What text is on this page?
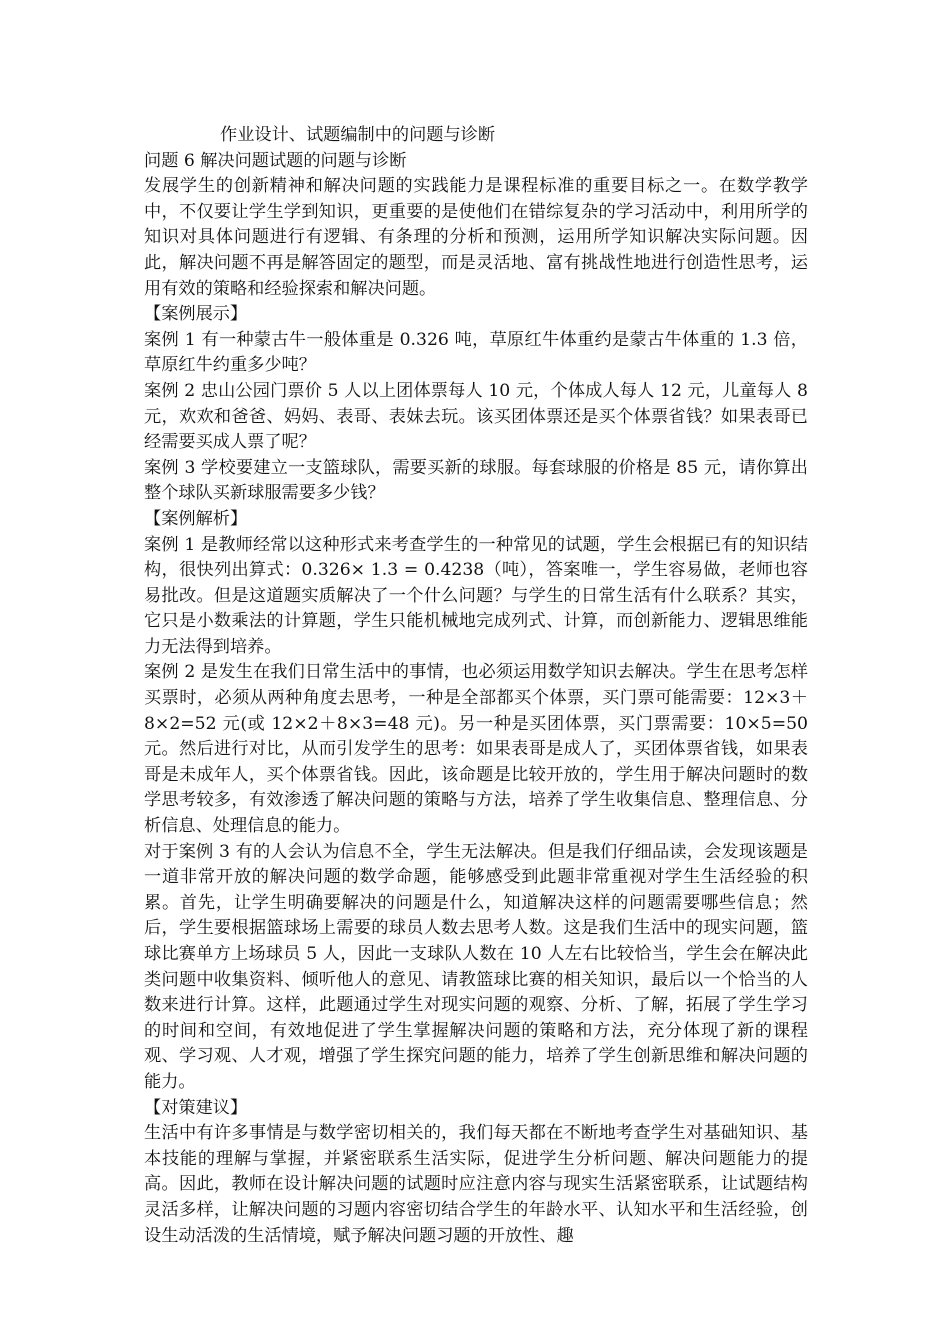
作业设计、试题编制中的问题与诊断

问题 6 解决问题试题的问题与诊断

发展学生的创新精神和解决问题的实践能力是课程标准的重要目标之一。在数学教学中，不仅要让学生学到知识，更重要的是使他们在错综复杂的学习活动中，利用所学的知识对具体问题进行有逻辑、有条理的分析和预测，运用所学知识解决实际问题。因此，解决问题不再是解答固定的题型，而是灵活地、富有挑战性地进行创造性思考，运用有效的策略和经验探索和解决问题。

【案例展示】

案例 1 有一种蒙古牛一般体重是 0.326 吨，草原红牛体重约是蒙古牛体重的 1.3 倍，草原红牛约重多少吨？

案例 2 忠山公园门票价 5 人以上团体票每人 10 元，个体成人每人 12 元，儿童每人 8 元，欢欢和爸爸、妈妈、表哥、表妹去玩。该买团体票还是买个体票省钱？如果表哥已经需要买成人票了呢？

案例 3 学校要建立一支篮球队，需要买新的球服。每套球服的价格是 85 元，请你算出整个球队买新球服需要多少钱？

【案例解析】

案例 1 是教师经常以这种形式来考查学生的一种常见的试题，学生会根据已有的知识结构，很快列出算式：0.326× 1.3 = 0.4238（吨），答案唯一，学生容易做，老师也容易批改。但是这道题实质解决了一个什么问题？与学生的日常生活有什么联系？其实，它只是小数乘法的计算题，学生只能机械地完成列式、计算，而创新能力、逻辑思维能力无法得到培养。

案例 2 是发生在我们日常生活中的事情，也必须运用数学知识去解决。学生在思考怎样买票时，必须从两种角度去思考，一种是全部都买个体票，买门票可能需要：12×3＋8×2=52 元(或 12×2＋8×3=48 元)。另一种是买团体票，买门票需要：10×5=50 元。然后进行对比，从而引发学生的思考：如果表哥是成人了，买团体票省钱，如果表哥是未成年人，买个体票省钱。因此，该命题是比较开放的，学生用于解决问题时的数学思考较多，有效渗透了解决问题的策略与方法，培养了学生收集信息、整理信息、分析信息、处理信息的能力。

对于案例 3 有的人会认为信息不全，学生无法解决。但是我们仔细品读，会发现该题是一道非常开放的解决问题的数学命题，能够感受到此题非常重视对学生生活经验的积累。首先，让学生明确要解决的问题是什么，知道解决这样的问题需要哪些信息；然后，学生要根据篮球场上需要的球员人数去思考人数。这是我们生活中的现实问题，篮球比赛单方上场球员 5 人，因此一支球队人数在 10 人左右比较恰当，学生会在解决此类问题中收集资料、倾听他人的意见、请教篮球比赛的相关知识，最后以一个恰当的人数来进行计算。这样，此题通过学生对现实问题的观察、分析、了解，拓展了学生学习的时间和空间，有效地促进了学生掌握解决问题的策略和方法，充分体现了新的课程观、学习观、人才观，增强了学生探究问题的能力，培养了学生创新思维和解决问题的能力。

【对策建议】

生活中有许多事情是与数学密切相关的，我们每天都在不断地考查学生对基础知识、基本技能的理解与掌握，并紧密联系生活实际，促进学生分析问题、解决问题能力的提高。因此，教师在设计解决问题的试题时应注意内容与现实生活紧密联系，让试题结构灵活多样，让解决问题的习题内容密切结合学生的年龄水平、认知水平和生活经验，创设生动活泼的生活情境，赋予解决问题习题的开放性、趣
